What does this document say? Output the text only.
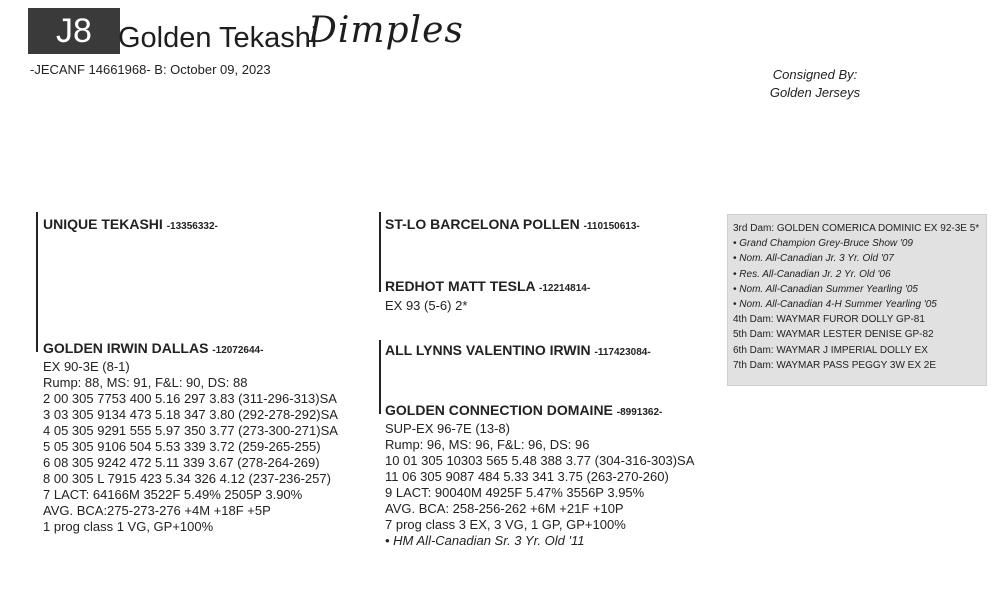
J8 Golden Tekashi
Dimples
-JECANF 14661968- B: October 09, 2023	Consigned By:
Golden Jerseys
UNIQUE TEKASHI -13356332-	ST-LO BARCELONA POLLEN -110150613-
REDHOT MATT TESLA -12214814-
EX 93 (5-6) 2*
GOLDEN IRWIN DALLAS -12072644-
EX 90-3E (8-1)
Rump: 88, MS: 91, F&L: 90, DS: 88
2 00 305 7753 400 5.16 297 3.83 (311-296-313)SA
3 03 305 9134 473 5.18 347 3.80 (292-278-292)SA
4 05 305 9291 555 5.97 350 3.77 (273-300-271)SA
5 05 305 9106 504 5.53 339 3.72 (259-265-255)
6 08 305 9242 472 5.11 339 3.67 (278-264-269)
8 00 305 L 7915 423 5.34 326 4.12 (237-236-257)
7 LACT: 64166M 3522F 5.49% 2505P 3.90%
AVG. BCA:275-273-276 +4M +18F +5P
1 prog class 1 VG, GP+100%
ALL LYNNS VALENTINO IRWIN -117423084-
GOLDEN CONNECTION DOMAINE -8991362-
SUP-EX 96-7E (13-8)
Rump: 96, MS: 96, F&L: 96, DS: 96
10 01 305 10303 565 5.48 388 3.77 (304-316-303)SA
11 06 305 9087 484 5.33 341 3.75 (263-270-260)
9 LACT: 90040M 4925F 5.47% 3556P 3.95%
AVG. BCA: 258-256-262 +6M +21F +10P
7 prog class 3 EX, 3 VG, 1 GP, GP+100%
• HM All-Canadian Sr. 3 Yr. Old '11
3rd Dam: GOLDEN COMERICA DOMINIC EX 92-3E 5*
• Grand Champion Grey-Bruce Show '09
• Nom. All-Canadian Jr. 3 Yr. Old '07
• Res. All-Canadian Jr. 2 Yr. Old '06
• Nom. All-Canadian Summer Yearling '05
• Nom. All-Canadian 4-H Summer Yearling '05
4th Dam: WAYMAR FUROR DOLLY GP-81
5th Dam: WAYMAR LESTER DENISE GP-82
6th Dam: WAYMAR J IMPERIAL DOLLY EX
7th Dam: WAYMAR PASS PEGGY 3W EX 2E
